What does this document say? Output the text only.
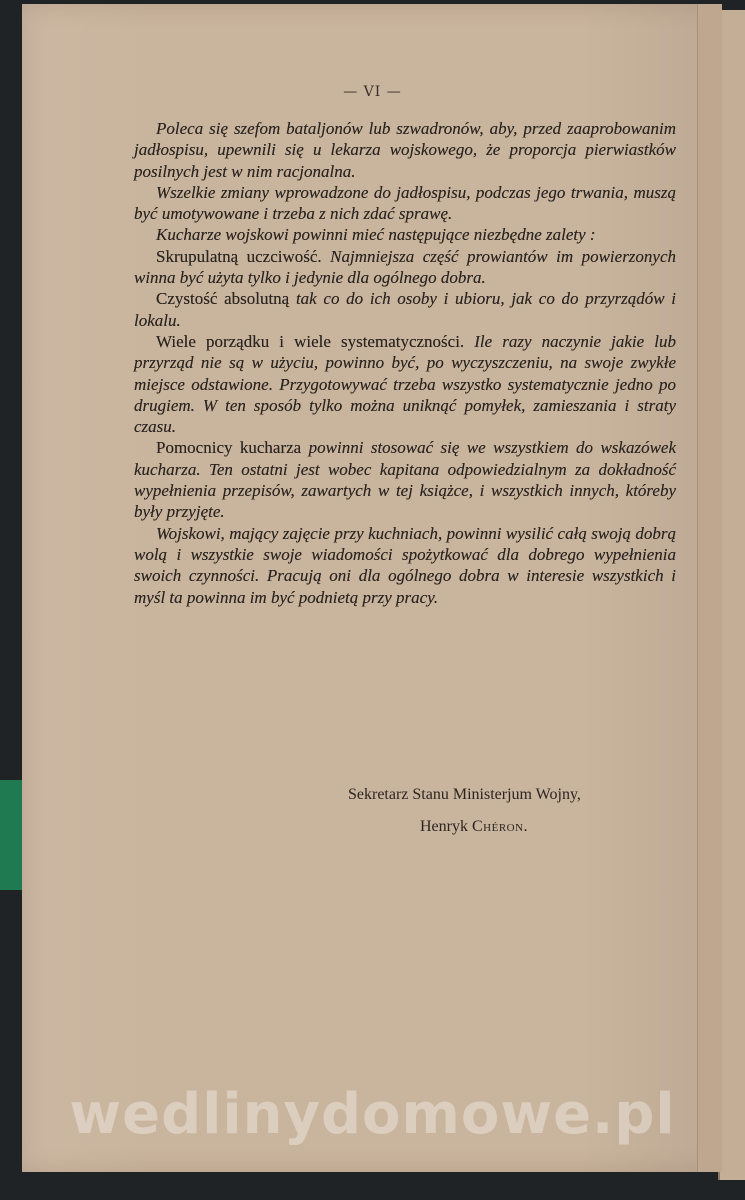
— VI —

Poleca się szefom bataljonów lub szwadronów, aby, przed zaaprobowanim jadłospisu, upewnili się u lekarza wojskowego, że proporcja pierwiastków posilnych jest w nim racjonalna.

Wszelkie zmiany wprowadzone do jadłospisu, podczas jego trwania, muszą być umotywowane i trzeba z nich zdać sprawę.

Kucharze wojskowi powinni mieć następujące niezbędne zalety :

Skrupulatną uczciwość. Najmniejsza część prowiantów im powierzonych winna być użyta tylko i jedynie dla ogólnego dobra.

Czystość absolutną tak co do ich osoby i ubioru, jak co do przyrządów i lokalu.

Wiele porządku i wiele systematyczności. Ile razy naczynie jakie lub przyrząd nie są w użyciu, powinno być, po wyczyszczeniu, na swoje zwykłe miejsce odstawione. Przygotowywać trzeba wszystko systematycznie jedno po drugiem. W ten sposób tylko można uniknąć pomyłek, zamieszania i straty czasu.

Pomocnicy kucharza powinni stosować się we wszystkiem do wskazówek kucharza. Ten ostatni jest wobec kapitana odpowiedzialnym za dokładność wypełnienia przepisów, zawartych w tej książce, i wszystkich innych, któreby były przyjęte.

Wojskowi, mający zajęcie przy kuchniach, powinni wysilić całą swoją dobrą wolą i wszystkie swoje wiadomości spożytkować dla dobrego wypełnienia swoich czynności. Pracują oni dla ogólnego dobra w interesie wszystkich i myśl ta powinna im być podnietą przy pracy.

Sekretarz Stanu Ministerjum Wojny,
Henryk Chéron.
wedlinydomowe.pl
